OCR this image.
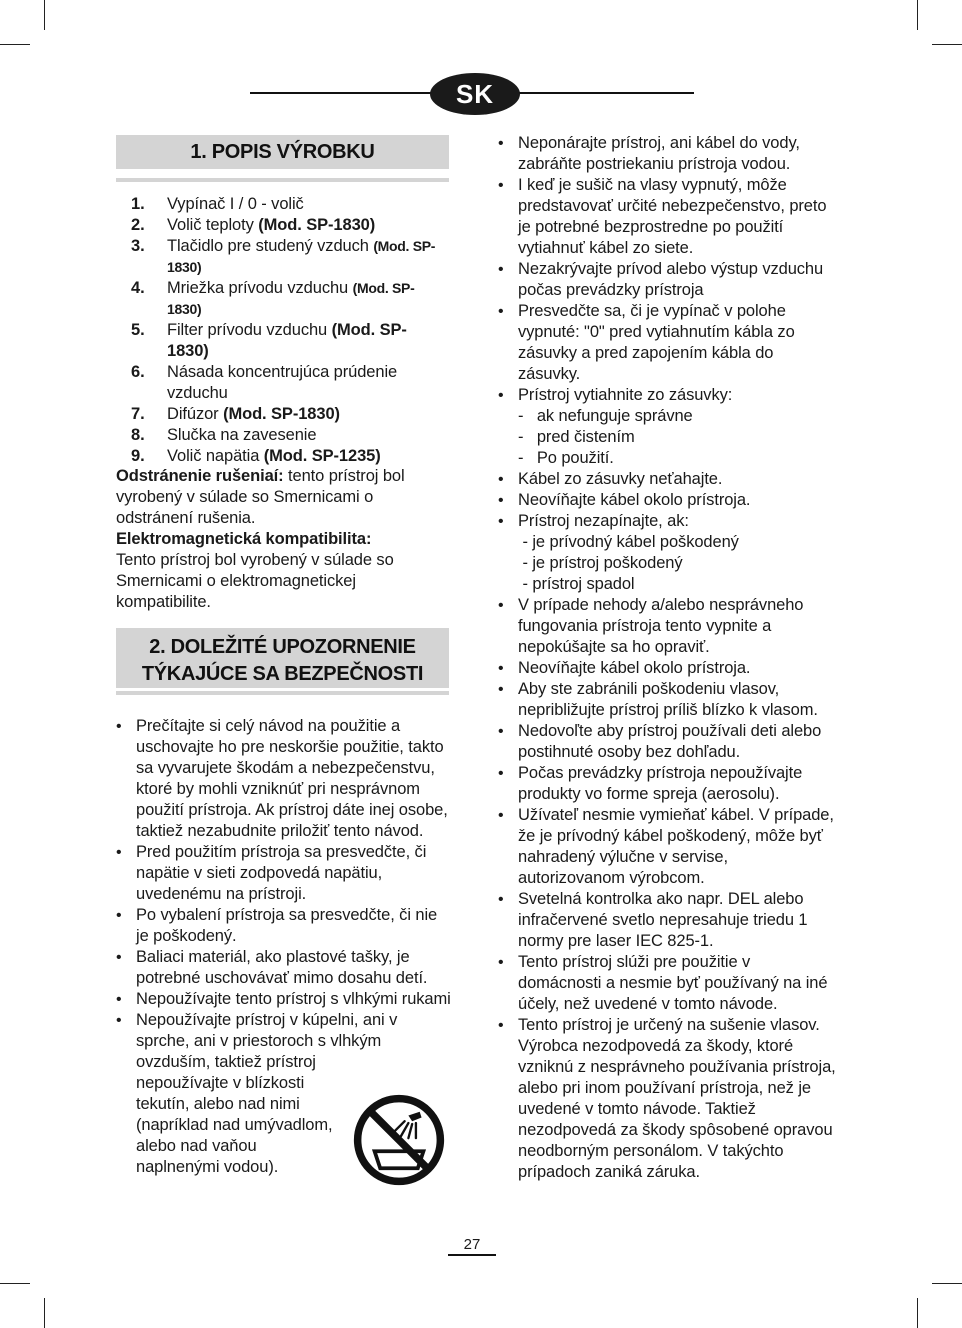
SK
1. POPIS VÝROBKU
1. Vypínač I / 0 - volič
2. Volič teploty (Mod. SP-1830)
3. Tlačidlo pre studený vzduch (Mod. SP-1830)
4. Mriežka prívodu vzduchu (Mod. SP-1830)
5. Filter prívodu vzduchu (Mod. SP-1830)
6. Násada koncentrujúca prúdenie vzduchu
7. Difúzor (Mod. SP-1830)
8. Slučka na zavesenie
9. Volič napätia (Mod. SP-1235)
Odstránenie rušeniaí: tento prístroj bol vyrobený v súlade so Smernicami o odstránení rušenia.
Elektromagnetická kompatibilita:
Tento prístroj bol vyrobený v súlade so Smernicami o elektromagnetickej kompatibilite.
2. DOLEŽITÉ UPOZORNENIE
TÝKAJÚCE SA BEZPEČNOSTI
• Prečítajte si celý návod na použitie a uschovajte ho pre neskoršie použitie, takto sa vyvarujete škodám a nebezpečenstvu, ktoré by mohli vzniknúť pri nesprávnom použití prístroja. Ak prístroj dáte inej osobe, taktiež nezabudnite priložiť tento návod.
• Pred použitím prístroja sa presvedčte, či napätie v sieti zodpovedá napätiu, uvedenému na prístroji.
• Po vybalení prístroja sa presvedčte, či nie je poškodený.
• Baliaci materiál, ako plastové tašky, je potrebné uschovávať mimo dosahu detí.
• Nepoužívajte tento prístroj s vlhkými rukami
• Nepoužívajte prístroj v kúpelni, ani v sprche, ani v priestoroch s vlhkým
ovzduším, taktiež prístroj
nepoužívajte v blízkosti
tekutín, alebo nad nimi
(napríklad nad umývadlom,
alebo nad vaňou
naplnenými vodou).
• Neponárajte prístroj, ani kábel do vody, zabráňte postriekaniu prístroja vodou.
• I keď je sušič na vlasy vypnutý, môže predstavovať určité nebezpečenstvo, preto je potrebné bezprostredne po použití vytiahnuť kábel zo siete.
• Nezakrývajte prívod alebo výstup vzduchu počas prevádzky prístroja
• Presvedčte sa, či je vypínač v polohe vypnuté: "0" pred vytiahnutím kábla zo zásuvky a pred zapojením kábla do zásuvky.
• Prístroj vytiahnite zo zásuvky:
-   ak nefunguje správne
-   pred čistením
-   Po použití.
• Kábel zo zásuvky neťahajte.
• Neovíňajte kábel okolo prístroja.
• Prístroj nezapínajte, ak:
- je prívodný kábel poškodený
- je prístroj poškodený
- prístroj spadol
• V prípade nehody a/alebo nesprávneho fungovania prístroja tento vypnite a nepokúšajte sa ho opraviť.
• Neovíňajte kábel okolo prístroja.
• Aby ste zabránili poškodeniu vlasov, nepribližujte prístroj príliš blízko k vlasom.
• Nedovoľte aby prístroj používali deti alebo postihnuté osoby bez dohľadu.
• Počas prevádzky prístroja nepoužívajte produkty vo forme spreja (aerosolu).
• Užívateľ nesmie vymieňať kábel. V prípade, že je prívodný kábel poškodený, môže byť nahradený výlučne v servise, autorizovanom výrobcom.
• Svetelná kontrolka ako napr. DEL alebo infračervené svetlo nepresahuje triedu 1 normy pre laser IEC 825-1.
• Tento prístroj slúži pre použitie v domácnosti a nesmie byť používaný na iné účely, než uvedené v tomto návode.
• Tento prístroj je určený na sušenie vlasov. Výrobca nezodpovedá za škody, ktoré vzniknú z nesprávneho používania prístroja, alebo pri inom používaní prístroja, než je uvedené v tomto návode. Taktiež nezodpovedá za škody spôsobené opravou neodborným personálom. V takýchto prípadoch zaniká záruka.
27
